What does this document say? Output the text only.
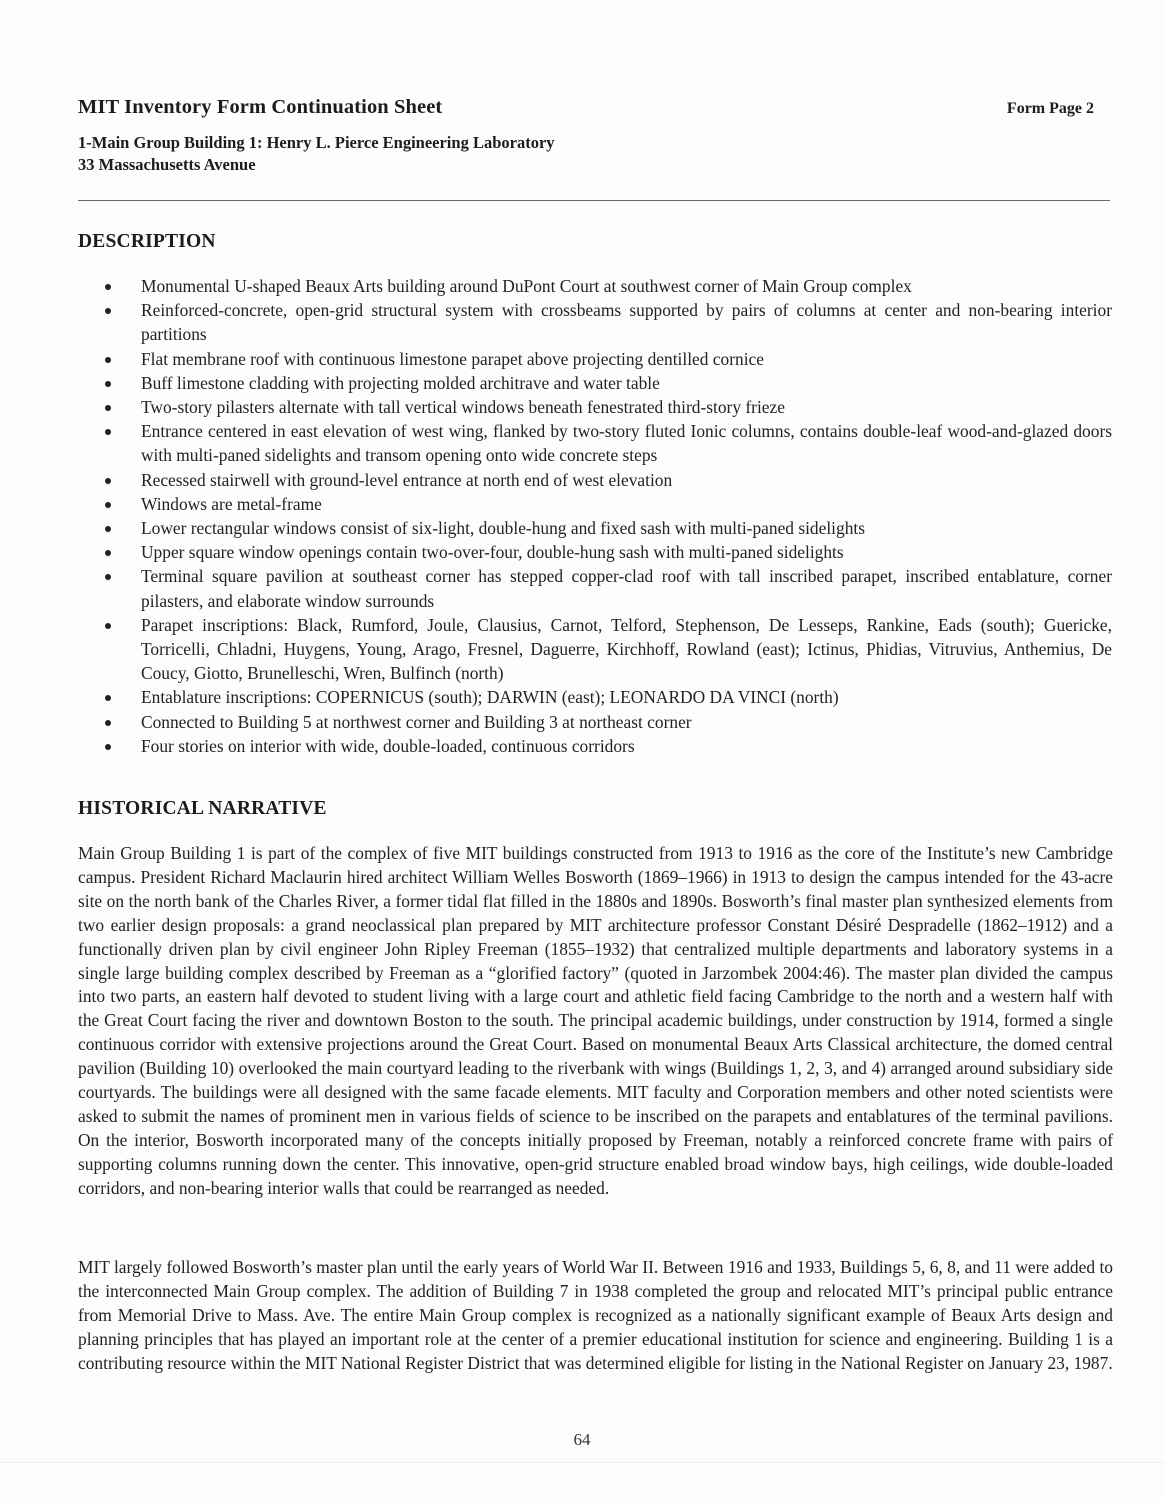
MIT Inventory Form Continuation Sheet	Form Page 2
1-Main Group Building 1: Henry L. Pierce Engineering Laboratory
33 Massachusetts Avenue
DESCRIPTION
Monumental U-shaped Beaux Arts building around DuPont Court at southwest corner of Main Group complex
Reinforced-concrete, open-grid structural system with crossbeams supported by pairs of columns at center and non-bearing interior partitions
Flat membrane roof with continuous limestone parapet above projecting dentilled cornice
Buff limestone cladding with projecting molded architrave and water table
Two-story pilasters alternate with tall vertical windows beneath fenestrated third-story frieze
Entrance centered in east elevation of west wing, flanked by two-story fluted Ionic columns, contains double-leaf wood-and-glazed doors with multi-paned sidelights and transom opening onto wide concrete steps
Recessed stairwell with ground-level entrance at north end of west elevation
Windows are metal-frame
Lower rectangular windows consist of six-light, double-hung and fixed sash with multi-paned sidelights
Upper square window openings contain two-over-four, double-hung sash with multi-paned sidelights
Terminal square pavilion at southeast corner has stepped copper-clad roof with tall inscribed parapet, inscribed entablature, corner pilasters, and elaborate window surrounds
Parapet inscriptions: Black, Rumford, Joule, Clausius, Carnot, Telford, Stephenson, De Lesseps, Rankine, Eads (south); Guericke, Torricelli, Chladni, Huygens, Young, Arago, Fresnel, Daguerre, Kirchhoff, Rowland (east); Ictinus, Phidias, Vitruvius, Anthemius, De Coucy, Giotto, Brunelleschi, Wren, Bulfinch (north)
Entablature inscriptions: COPERNICUS (south); DARWIN (east); LEONARDO DA VINCI (north)
Connected to Building 5 at northwest corner and Building 3 at northeast corner
Four stories on interior with wide, double-loaded, continuous corridors
HISTORICAL NARRATIVE

Main Group Building 1 is part of the complex of five MIT buildings constructed from 1913 to 1916 as the core of the Institute’s new Cambridge campus. President Richard Maclaurin hired architect William Welles Bosworth (1869–1966) in 1913 to design the campus intended for the 43-acre site on the north bank of the Charles River, a former tidal flat filled in the 1880s and 1890s. Bosworth’s final master plan synthesized elements from two earlier design proposals: a grand neoclassical plan prepared by MIT architecture professor Constant Désiré Despradelle (1862–1912) and a functionally driven plan by civil engineer John Ripley Freeman (1855–1932) that centralized multiple departments and laboratory systems in a single large building complex described by Freeman as a “glorified factory” (quoted in Jarzombek 2004:46). The master plan divided the campus into two parts, an eastern half devoted to student living with a large court and athletic field facing Cambridge to the north and a western half with the Great Court facing the river and downtown Boston to the south. The principal academic buildings, under construction by 1914, formed a single continuous corridor with extensive projections around the Great Court. Based on monumental Beaux Arts Classical architecture, the domed central pavilion (Building 10) overlooked the main courtyard leading to the riverbank with wings (Buildings 1, 2, 3, and 4) arranged around subsidiary side courtyards. The buildings were all designed with the same facade elements. MIT faculty and Corporation members and other noted scientists were asked to submit the names of prominent men in various fields of science to be inscribed on the parapets and entablatures of the terminal pavilions. On the interior, Bosworth incorporated many of the concepts initially proposed by Freeman, notably a reinforced concrete frame with pairs of supporting columns running down the center. This innovative, open-grid structure enabled broad window bays, high ceilings, wide double-loaded corridors, and non-bearing interior walls that could be rearranged as needed.

MIT largely followed Bosworth’s master plan until the early years of World War II. Between 1916 and 1933, Buildings 5, 6, 8, and 11 were added to the interconnected Main Group complex. The addition of Building 7 in 1938 completed the group and relocated MIT’s principal public entrance from Memorial Drive to Mass. Ave. The entire Main Group complex is recognized as a nationally significant example of Beaux Arts design and planning principles that has played an important role at the center of a premier educational institution for science and engineering. Building 1 is a contributing resource within the MIT National Register District that was determined eligible for listing in the National Register on January 23, 1987.

64
